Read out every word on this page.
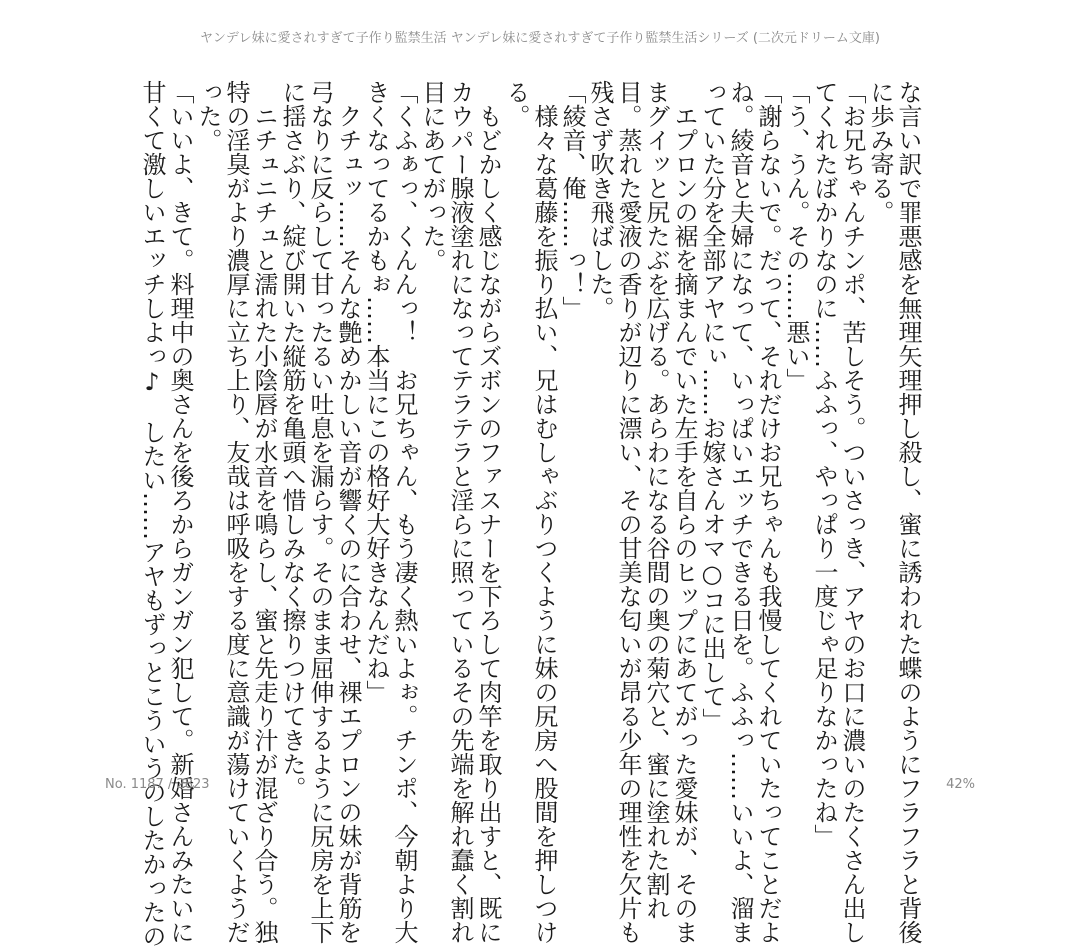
ヤンデレ妹に愛されすぎて子作り監禁生活 ヤンデレ妹に愛されすぎて子作り監禁生活シリーズ (二次元ドリーム文庫)
な言い訳で罪悪感を無理矢理押し殺し、蜜に誘われた蝶のようにフラフラと背後
に歩み寄る。
「お兄ちゃんチンポ、苦しそう。ついさっき、アヤのお口に濃いのたくさん出し
てくれたばかりなのに……ふふっ、やっぱり一度じゃ足りなかったね」
「う、うん。その……悪い」
「謝らないで。だって、それだけお兄ちゃんも我慢してくれていたってことだよ
ね。綾音と夫婦になって、いっぱいエッチできる日を。ふふっ……いいよ、溜ま
っていた分を全部アヤにぃ……お嫁さんオマ○コに出して」
　エプロンの裾を摘まんでいた左手を自らのヒップにあてがった愛妹が、そのま
まグイッと尻たぶを広げる。あらわになる谷間の奥の菊穴と、蜜に塗れた割れ
目。蒸れた愛液の香りが辺りに漂い、その甘美な匂いが昂る少年の理性を欠片も
残さず吹き飛ばした。
「綾音、俺……っ！」
　様々な葛藤を振り払い、兄はむしゃぶりつくように妹の尻房へ股間を押しつけ
る。
　もどかしく感じながらズボンのファスナーを下ろして肉竿を取り出すと、既に
カウパー腺液塗れになってテラテラと淫らに照っているその先端を解れ蠢く割れ
目にあてがった。
「くふぁっ、くんんっ！　お兄ちゃん、もう凄く熱いよぉ。チンポ、今朝より大
きくなってるかもぉ……本当にこの格好大好きなんだね」
　クチュッ……そんな艶めかしい音が響くのに合わせ、裸エプロンの妹が背筋を
弓なりに反らして甘ったるい吐息を漏らす。そのまま屈伸するように尻房を上下
に揺さぶり、綻び開いた縦筋を亀頭へ惜しみなく擦りつけてきた。
　ニチュニチュと濡れた小陰唇が水音を鳴らし、蜜と先走り汁が混ざり合う。独
特の淫臭がより濃厚に立ち上り、友哉は呼吸をする度に意識が蕩けていくようだ
った。
「いいよ、きて。料理中の奥さんを後ろからガンガン犯して。新婚さんみたいに
甘くて激しいエッチしよっ♪　したい……アヤもずっとこういうのしたかったの
No. 1187 / 2823	42%
